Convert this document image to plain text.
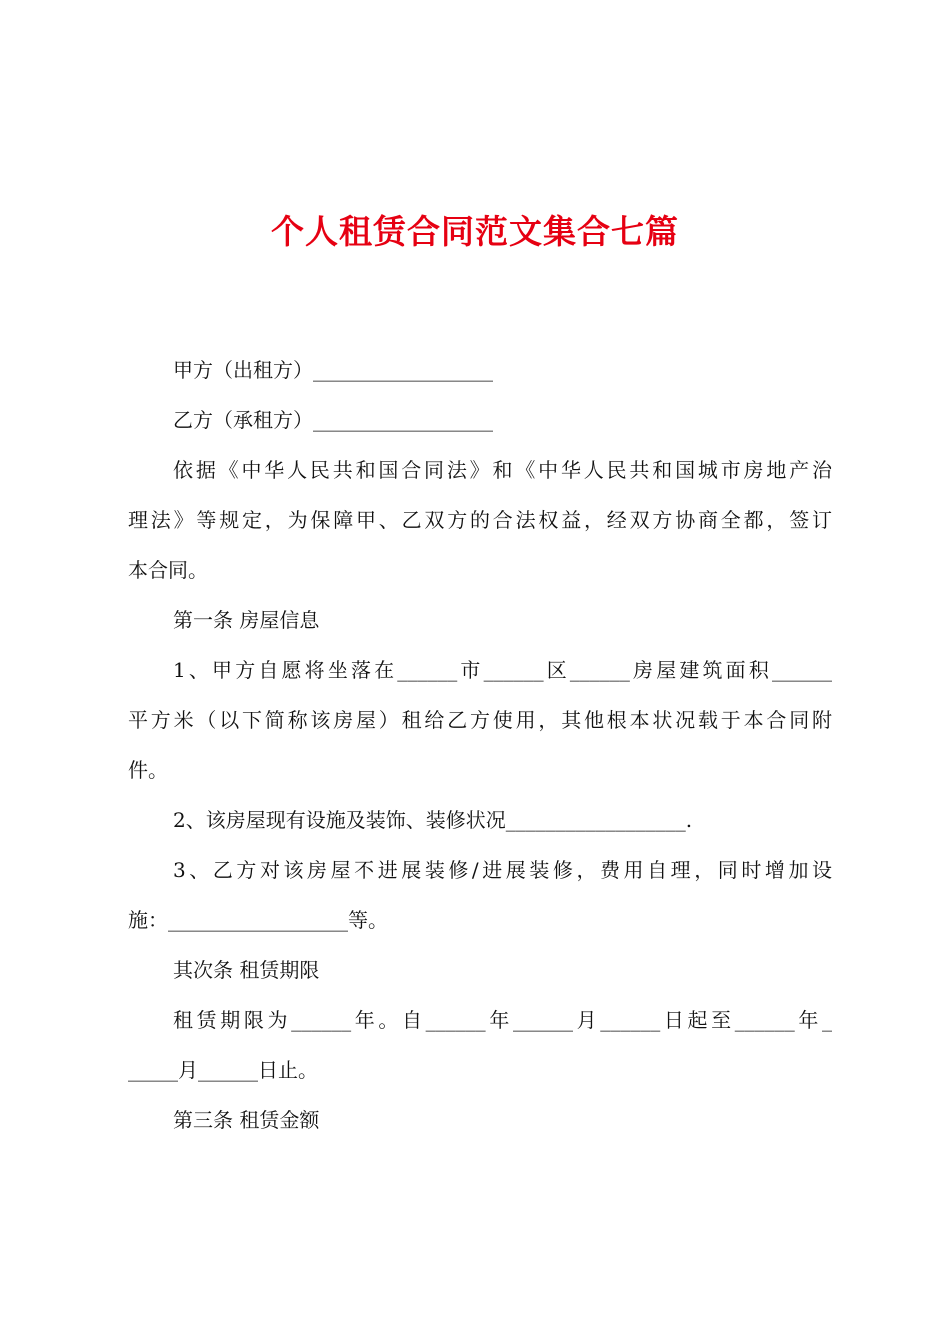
个人租赁合同范文集合七篇
甲方（出租方）__________________
乙方（承租方）__________________
依据《中华人民共和国合同法》和《中华人民共和国城市房地产治
理法》等规定，为保障甲、乙双方的合法权益，经双方协商全都，签订
本合同。
第一条 房屋信息
1、甲方自愿将坐落在______市______区______房屋建筑面积______
平方米（以下简称该房屋）租给乙方使用，其他根本状况载于本合同附
件。
2、该房屋现有设施及装饰、装修状况__________________.
3、乙方对该房屋不进展装修/进展装修，费用自理，同时增加设
施：__________________等。
其次条 租赁期限
租赁期限为______年。自______年______月______日起至______年_
_____月______日止。
第三条 租赁金额
